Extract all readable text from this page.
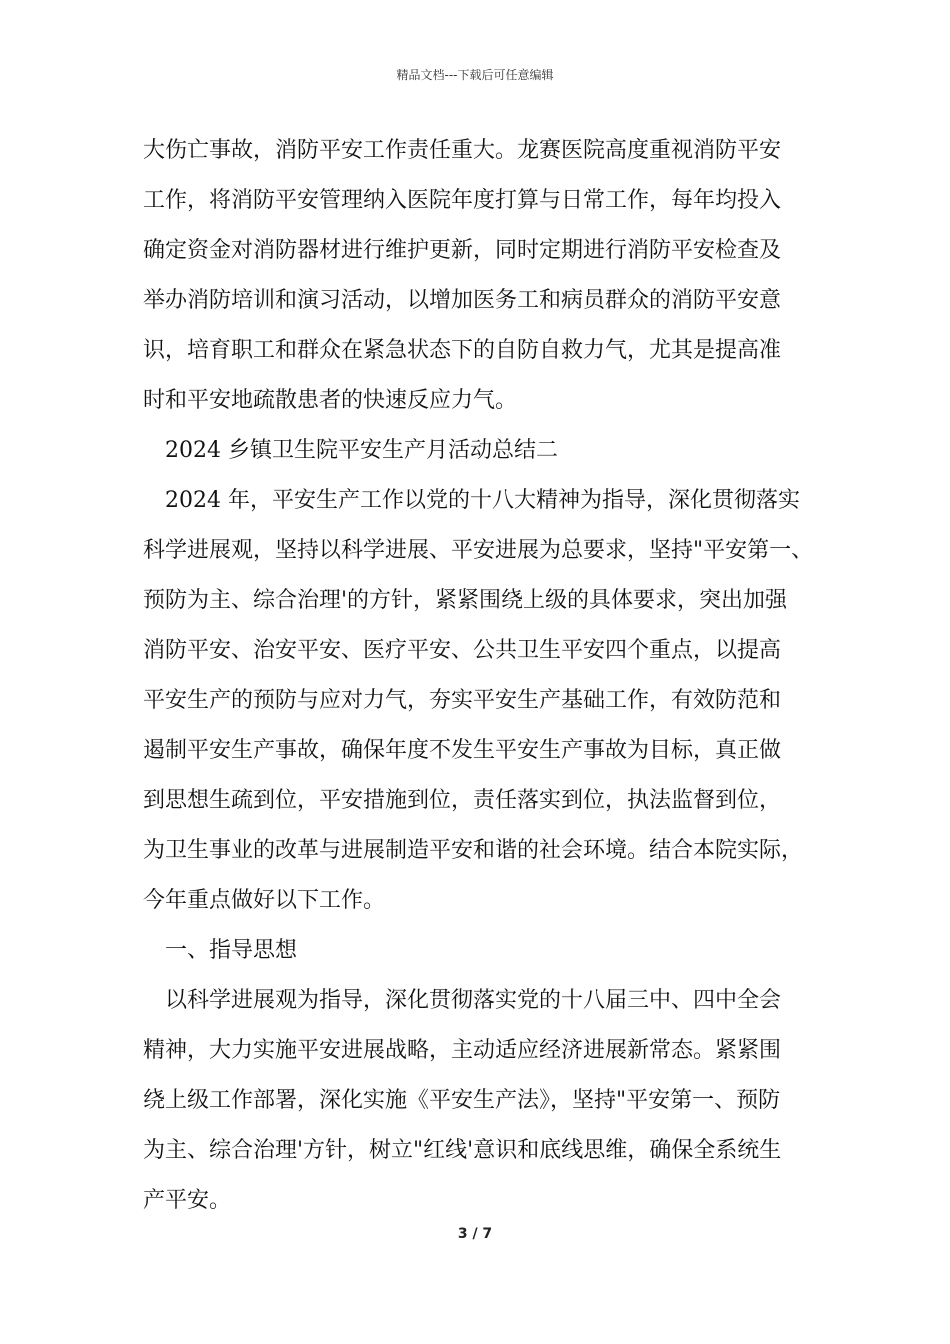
精品文档---下载后可任意编辑
大伤亡事故，消防平安工作责任重大。龙赛医院高度重视消防平安
工作，将消防平安管理纳入医院年度打算与日常工作，每年均投入
确定资金对消防器材进行维护更新，同时定期进行消防平安检查及
举办消防培训和演习活动，以增加医务工和病员群众的消防平安意
识，培育职工和群众在紧急状态下的自防自救力气，尤其是提高准
时和平安地疏散患者的快速反应力气。
2024 乡镇卫生院平安生产月活动总结二
2024 年，平安生产工作以党的十八大精神为指导，深化贯彻落实
科学进展观，坚持以科学进展、平安进展为总要求，坚持"平安第一、
预防为主、综合治理'的方针，紧紧围绕上级的具体要求，突出加强
消防平安、治安平安、医疗平安、公共卫生平安四个重点，以提高
平安生产的预防与应对力气，夯实平安生产基础工作，有效防范和
遏制平安生产事故，确保年度不发生平安生产事故为目标，真正做
到思想生疏到位，平安措施到位，责任落实到位，执法监督到位，
为卫生事业的改革与进展制造平安和谐的社会环境。结合本院实际，
今年重点做好以下工作。
一、指导思想
以科学进展观为指导，深化贯彻落实党的十八届三中、四中全会
精神，大力实施平安进展战略，主动适应经济进展新常态。紧紧围
绕上级工作部署，深化实施《平安生产法》，坚持"平安第一、预防
为主、综合治理'方针，树立"红线'意识和底线思维，确保全系统生
产平安。
3 / 7
